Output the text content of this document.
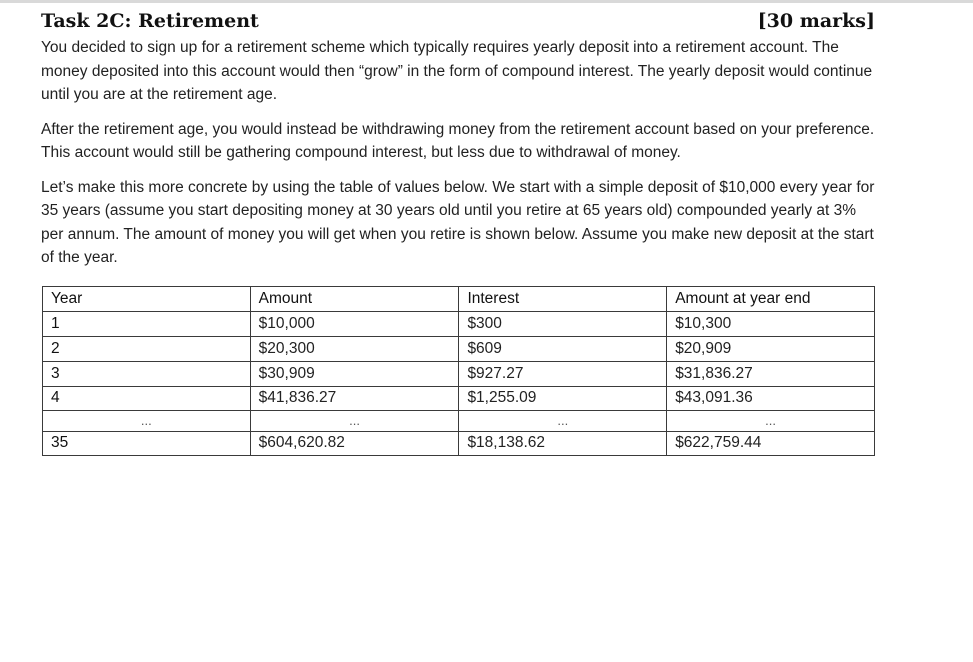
Task 2C: Retirement	[30 marks]

You decided to sign up for a retirement scheme which typically requires yearly deposit into a retirement account. The money deposited into this account would then “grow” in the form of compound interest. The yearly deposit would continue until you are at the retirement age.

After the retirement age, you would instead be withdrawing money from the retirement account based on your preference. This account would still be gathering compound interest, but less due to withdrawal of money.

Let’s make this more concrete by using the table of values below. We start with a simple deposit of $10,000 every year for 35 years (assume you start depositing money at 30 years old until you retire at 65 years old) compounded yearly at 3% per annum. The amount of money you will get when you retire is shown below. Assume you make new deposit at the start of the year.

Year	Amount	Interest	Amount at year end
1	$10,000	$300	$10,300
2	$20,300	$609	$20,909
3	$30,909	$927.27	$31,836.27
4	$41,836.27	$1,255.09	$43,091.36
...	...	...	...
35	$604,620.82	$18,138.62	$622,759.44
